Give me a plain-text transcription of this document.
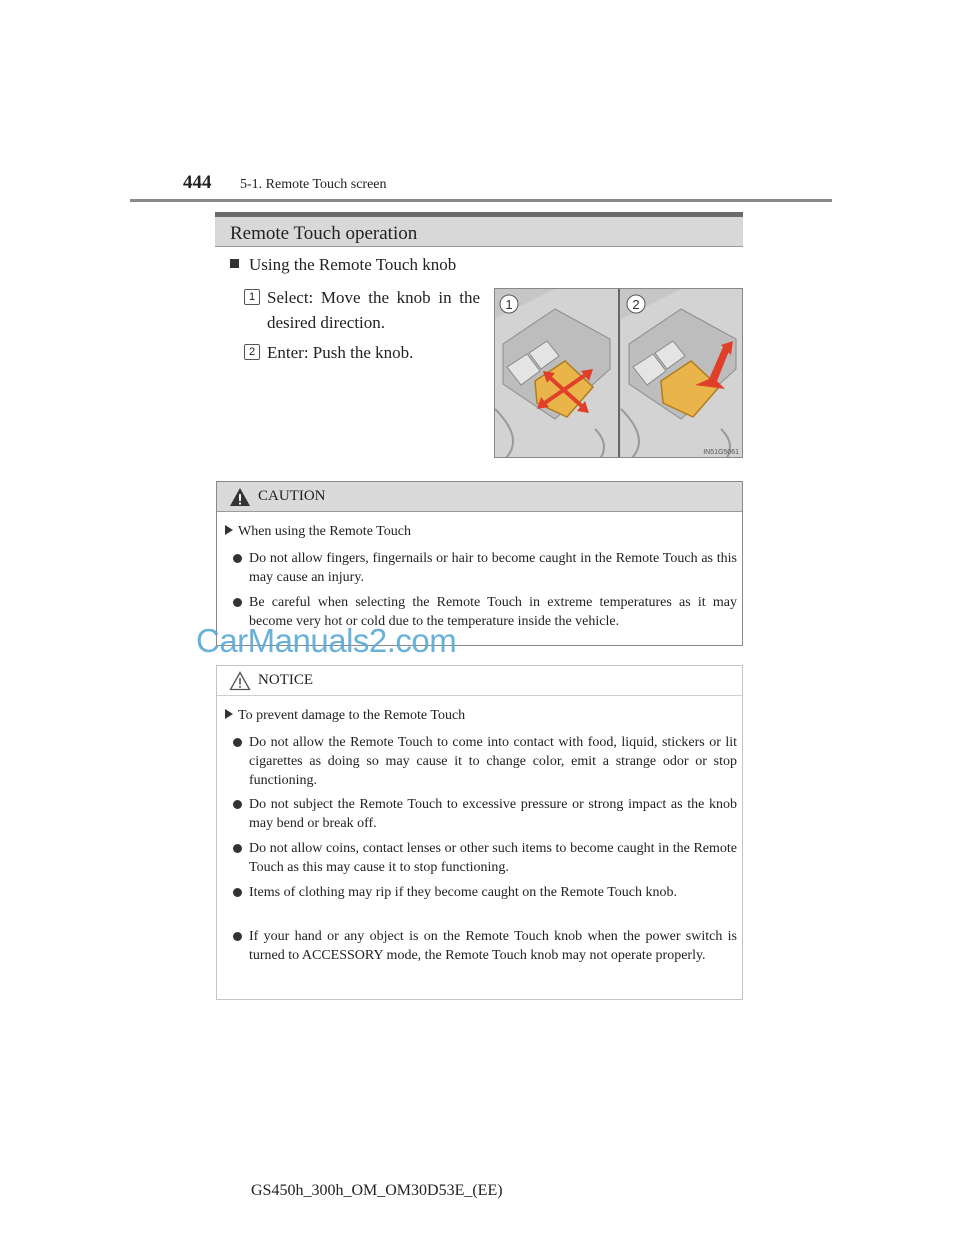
444 5-1. Remote Touch screen
Remote Touch operation
Using the Remote Touch knob
1 Select: Move the knob in the desired direction.
2 Enter: Push the knob.
1	2
IN51G5061
CAUTION
When using the Remote Touch
Do not allow fingers, fingernails or hair to become caught in the Remote Touch as this may cause an injury.
Be careful when selecting the Remote Touch in extreme temperatures as it may become very hot or cold due to the temperature inside the vehicle.
CarManuals2.com
NOTICE
To prevent damage to the Remote Touch
Do not allow the Remote Touch to come into contact with food, liquid, stickers or lit cigarettes as doing so may cause it to change color, emit a strange odor or stop functioning.
Do not subject the Remote Touch to excessive pressure or strong impact as the knob may bend or break off.
Do not allow coins, contact lenses or other such items to become caught in the Remote Touch as this may cause it to stop functioning.
Items of clothing may rip if they become caught on the Remote Touch knob.
If your hand or any object is on the Remote Touch knob when the power switch is turned to ACCESSORY mode, the Remote Touch knob may not operate properly.
GS450h_300h_OM_OM30D53E_(EE)
